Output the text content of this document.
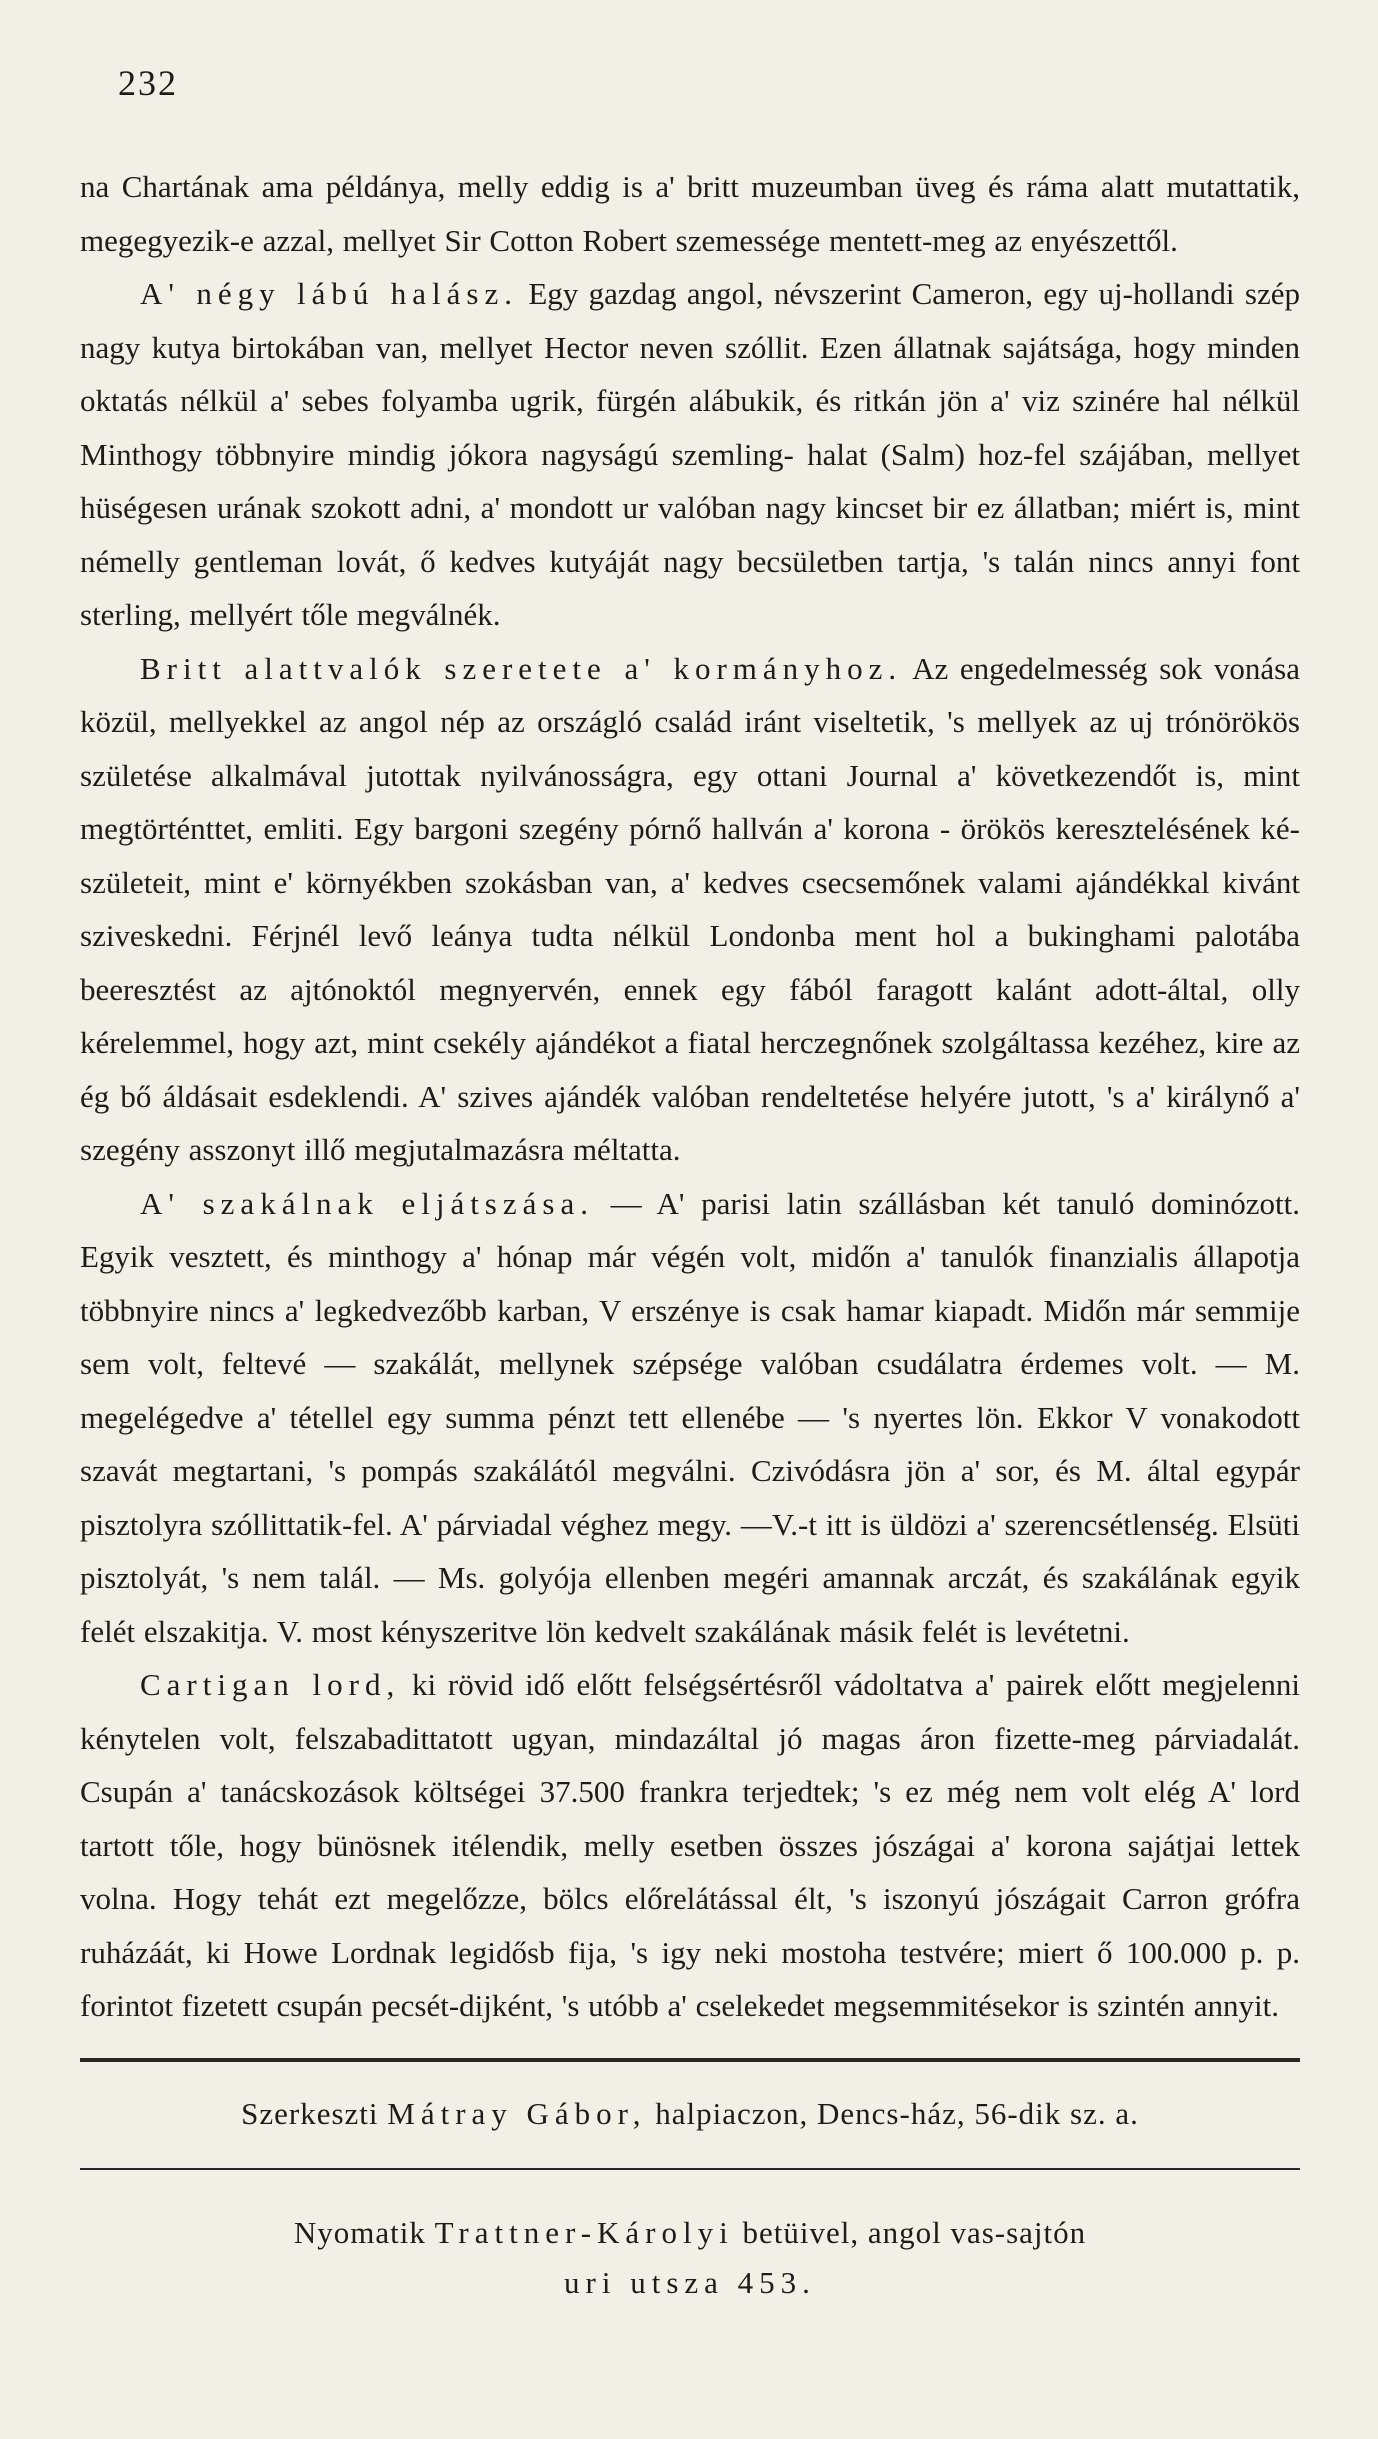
232

na Chartának ama példánya, melly eddig is a' britt muzeumban üveg és ráma alatt mutattatik, megegyezik-e azzal, mellyet Sir Cotton Robert szemessége mentett-meg az enyészettől.

A' négy lábú halász. Egy gazdag angol, névszerint Cameron, egy uj-hollandi szép nagy kutya birtokában van, mellyet Hector neven szóllit. Ezen állatnak sajátsága, hogy minden oktatás nélkül a' sebes folyamba ugrik, fürgén alábukik, és ritkán jön a' viz szinére hal nélkül Minthogy többnyire mindig jókora nagyságú szemling- halat (Salm) hoz-fel szájában, mellyet hüségesen urának szokott adni, a' mondott ur valóban nagy kincset bir ez állatban; miért is, mint némelly gentleman lovát, ő kedves kutyáját nagy becsületben tartja, 's talán nincs annyi font sterling, mellyért tőle megválnék.

Britt alattvalók szeretete a' kormányhoz. Az engedelmesség sok vonása közül, mellyekkel az angol nép az országló család iránt viseltetik, 's mellyek az uj trónörökös születése alkalmával jutottak nyilvánosságra, egy ottani Journal a' következendőt is, mint megtörténttet, emliti. Egy bargoni szegény pórnő hallván a' korona - örökös keresztelésének készületeit, mint e' környékben szokásban van, a' kedves csecsemőnek valami ajándékkal kivánt sziveskedni. Férjnél levő leánya tudta nélkül Londonba ment hol a bukinghami palotába beeresztést az ajtónoktól megnyervén, ennek egy fából faragott kalánt adott-által, olly kérelemmel, hogy azt, mint csekély ajándékot a fiatal herczegnőnek szolgáltassa kezéhez, kire az ég bő áldásait esdeklendi. A' szives ajándék valóban rendeltetése helyére jutott, 's a' királynő a' szegény asszonyt illő megjutalmazásra méltatta.

A' szakálnak eljátszása. — A' parisi latin szállásban két tanuló dominózott. Egyik vesztett, és minthogy a' hónap már végén volt, midőn a' tanulók finanzialis állapotja többnyire nincs a' legkedvezőbb karban, V erszénye is csak hamar kiapadt. Midőn már semmije sem volt, feltevé — szakálát, mellynek szépsége valóban csudálatra érdemes volt. — M. megelégedve a' tétellel egy summa pénzt tett ellenébe — 's nyertes lön. Ekkor V vonakodott szavát megtartani, 's pompás szakálától megválni. Czivódásra jön a' sor, és M. által egypár pisztolyra szóllittatik-fel. A' párviadal véghez megy. —V.-t itt is üldözi a' szerencsétlenség. Elsüti pisztolyát, 's nem talál. — Ms. golyója ellenben megéri amannak arczát, és szakálának egyik felét elszakitja. V. most kényszeritve lön kedvelt szakálának másik felét is levétetni.

Cartigan lord, ki rövid idő előtt felségsértésről vádoltatva a' pairek előtt megjelenni kénytelen volt, felszabadittatott ugyan, mindazáltal jó magas áron fizette-meg párviadalát. Csupán a' tanácskozások költségei 37.500 frankra terjedtek; 's ez még nem volt elég A' lord tartott tőle, hogy bünösnek itélendik, melly esetben összes jószágai a' korona sajátjai lettek volna. Hogy tehát ezt megelőzze, bölcs előrelátással élt, 's iszonyú jószágait Carron grófra ruházáát, ki Howe Lordnak legidősb fija, 's igy neki mostoha testvére; miert ő 100.000 p. p. forintot fizetett csupán pecsét-dijként, 's utóbb a' cselekedet megsemmitésekor is szintén annyit.

Szerkeszti Mátray Gábor, halpiaczon, Dencs-ház, 56-dik sz. a.
Nyomatik Trattner-Károlyi betüivel, angol vas-sajtón
uri utsza 453.
